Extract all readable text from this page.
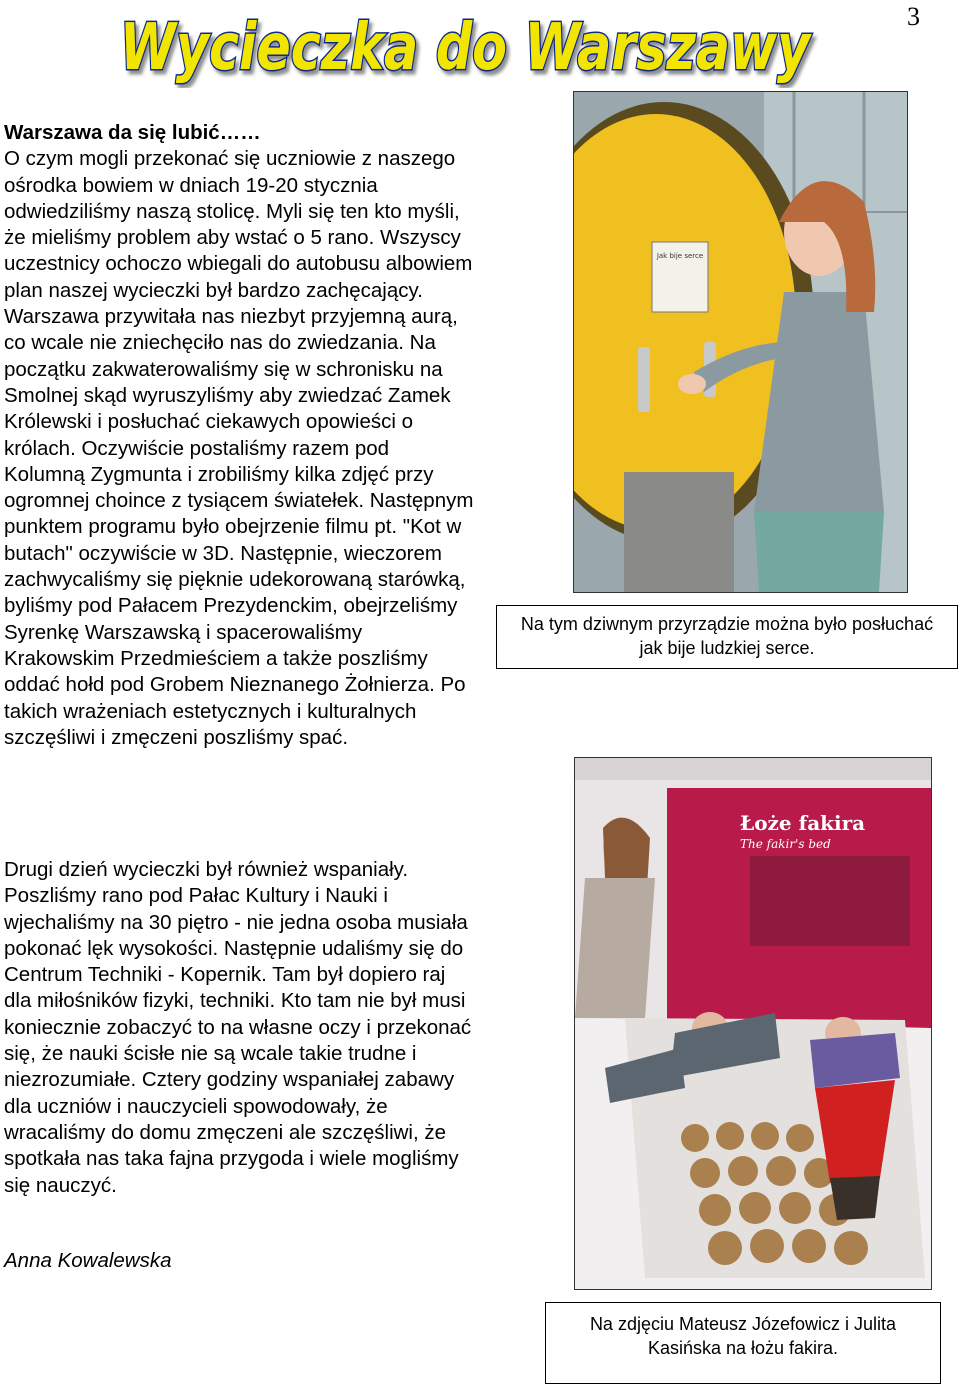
3
Wycieczka do Warszawy

Warszawa da się lubić……

O czym mogli przekonać się uczniowie z naszego ośrodka bowiem w dniach 19-20 stycznia odwiedziliśmy naszą stolicę. Myli się ten kto myśli, że mieliśmy problem aby wstać o 5 rano. Wszyscy uczestnicy ochoczo wbiegali do autobusu albowiem plan naszej wycieczki był bardzo zachęcający. Warszawa przywitała nas niezbyt przyjemną aurą, co wcale nie zniechęciło nas do zwiedzania. Na początku zakwaterowaliśmy się w schronisku na Smolnej skąd wyruszyliśmy aby zwiedzać Zamek Królewski i posłuchać ciekawych opowieści o królach. Oczywiście postaliśmy razem pod Kolumną Zygmunta i zrobiliśmy kilka zdjęć przy ogromnej choince z tysiącem światełek. Następnym punktem programu było obejrzenie filmu pt. "Kot w butach" oczywiście w 3D. Następnie, wieczorem zachwycaliśmy się pięknie udekorowaną starówką, byliśmy pod Pałacem Prezydenckim, obejrzeliśmy Syrenkę Warszawską i spacerowaliśmy Krakowskim Przedmieściem a także poszliśmy oddać hołd pod Grobem Nieznanego Żołnierza. Po takich wrażeniach estetycznych i kulturalnych szczęśliwi i zmęczeni poszliśmy spać.

Drugi dzień wycieczki był również wspaniały. Poszliśmy rano pod Pałac Kultury i Nauki i wjechaliśmy na 30 piętro - nie jedna osoba musiała pokonać lęk wysokości. Następnie udaliśmy się do Centrum Techniki - Kopernik. Tam był dopiero raj dla miłośników fizyki, techniki. Kto tam nie był musi koniecznie zobaczyć to na własne oczy i przekonać się, że nauki ścisłe nie są wcale takie trudne i niezrozumiałe. Cztery godziny wspaniałej zabawy dla uczniów i nauczycieli spowodowały, że wracaliśmy do domu zmęczeni ale szczęśliwi, że spotkała nas taka fajna przygoda i wiele mogliśmy się nauczyć.

Anna Kowalewska
Jak bije serce
Na tym dziwnym przyrządzie można było posłuchać jak bije ludzkiej serce.
Łoże fakira
The fakir's bed
Na zdjęciu Mateusz Józefowicz i Julita Kasińska na łożu fakira.
